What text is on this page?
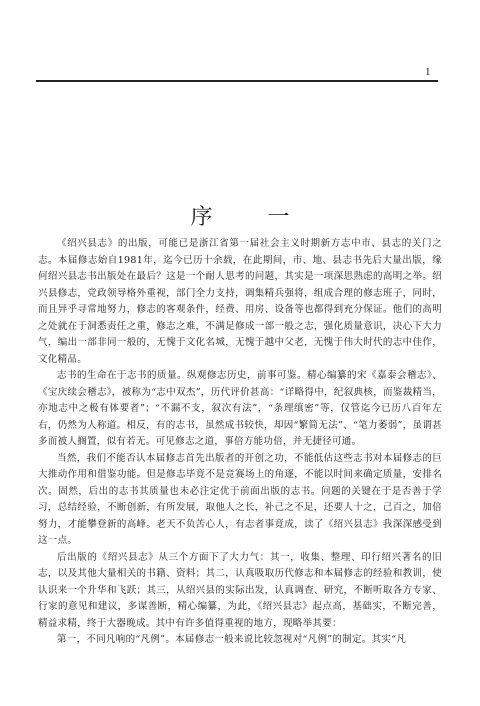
1
序 一

《绍兴县志》的出版，可能已是浙江省第一届社会主义时期新方志中市、县志的关门之志。本届修志始自1981年，迄今已历十余载，在此期间，市、地、县志书先后大量出版，缘何绍兴县志书出版处在最后？这是一个耐人思考的问题，其实是一项深思熟虑的高明之举。绍兴县修志，党政领导格外重视，部门全力支持，调集精兵强将，组成合理的修志班子，同时，而且异乎寻常地努力，修志的客观条件，经费、用房、设备等也都得到充分保证。他们的高明之处就在于洞悉责任之重，修志之难，不满足修成一部一般之志，强化质量意识，决心下大力气，编出一部非同一般的，无愧于文化名城，无愧于越中父老，无愧于伟大时代的志中佳作，文化精品。

志书的生命在于志书的质量。纵观修志历史，前事可鉴。精心编纂的宋《嘉泰会稽志》、《宝庆续会稽志》，被称为“志中双杰”，历代评价甚高：“详略得中，纪叙典核，而鉴裁精当，亦地志中之极有体要者”；“不漏不支，叙次有法”，“条理缜密”等，仅管迄今已历八百年左右，仍然为人称道。相反，有的志书，虽然成书较快，却因“繁简无法”、“笔力萎弱”，虽谓甚多而被人搁置，似有若无。可见修志之道，事倍方能功倍，并无捷径可通。

当然，我们不能否认本届修志首先出版者的开创之功，不能低估这些志书对本届修志的巨大推动作用和借鉴功能。但是修志毕竟不是竞赛场上的角逐，不能以时间来确定质量，安排名次。固然，后出的志书其质量也未必注定优于前面出版的志书。问题的关键在于是否善于学习，总结经验，不断创新，有所发展，取他人之长，补己之不足，还要人十之，己百之，加倍努力，才能攀登新的高峰。老天不负苦心人，有志者事竟成，读了《绍兴县志》我深深感受到这一点。

后出版的《绍兴县志》从三个方面下了大力气：其一，收集、整理、印行绍兴著名的旧志，以及其他大量相关的书籍、资料；其二，认真吸取历代修志和本届修志的经验和教训，使认识来一个升华和飞跃；其三，从绍兴县的实际出发，认真调查、研究，不断听取各方专家、行家的意见和建议，多谋善断，精心编纂，为此，《绍兴县志》起点高，基础实，不断完善，精益求精，终于大器晚成。其中有许多值得重视的地方，现略举其要：

第一，不同凡响的“凡例”。本届修志一般来说比较忽视对“凡例”的制定。其实“凡
